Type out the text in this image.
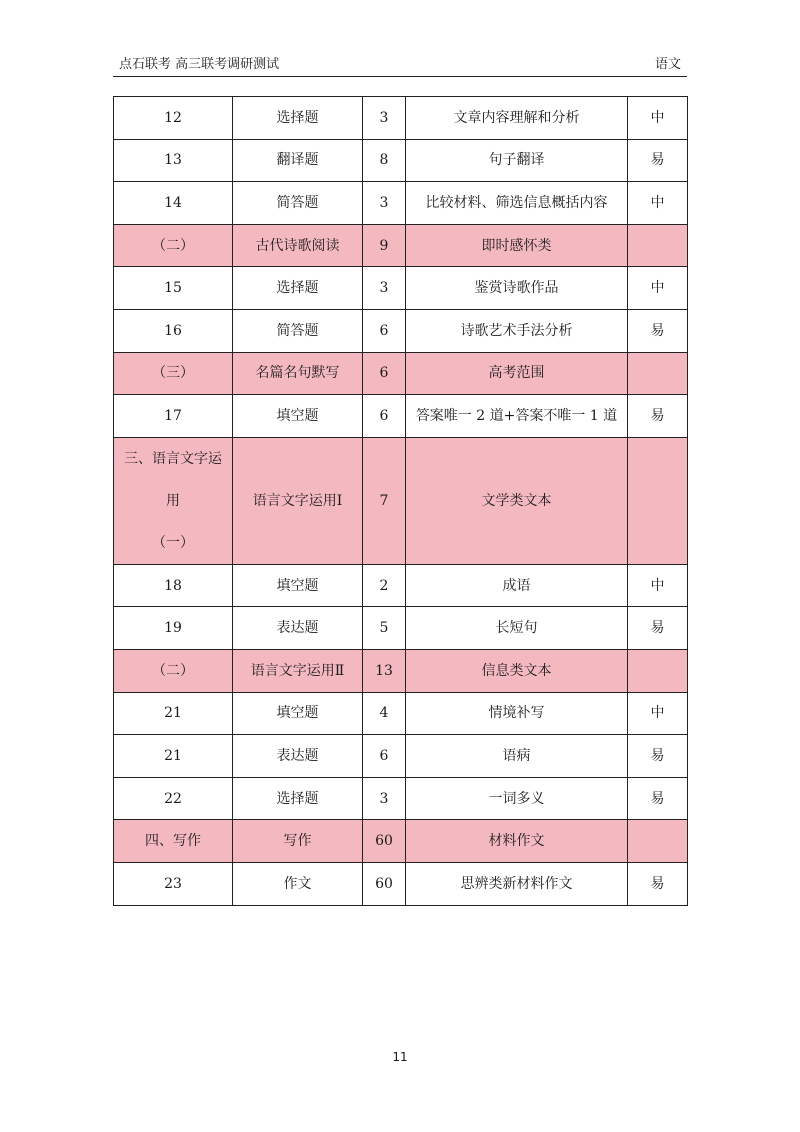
点石联考 高三联考调研测试	语文
12	选择题	3	文章内容理解和分析	中
13	翻译题	8	句子翻译	易
14	简答题	3	比较材料、筛选信息概括内容	中
（二）	古代诗歌阅读	9	即时感怀类	
15	选择题	3	鉴赏诗歌作品	中
16	简答题	6	诗歌艺术手法分析	易
（三）	名篇名句默写	6	高考范围	
17	填空题	6	答案唯一 2 道+答案不唯一 1 道	易

三、语言文字运
用
（一）	语言文字运用Ⅰ	7	文学类文本	
18	填空题	2	成语	中
19	表达题	5	长短句	易
（二）	语言文字运用Ⅱ	13	信息类文本	
21	填空题	4	情境补写	中
21	表达题	6	语病	易
22	选择题	3	一词多义	易
四、写作	写作	60	材料作文	
23	作文	60	思辨类新材料作文	易
11
